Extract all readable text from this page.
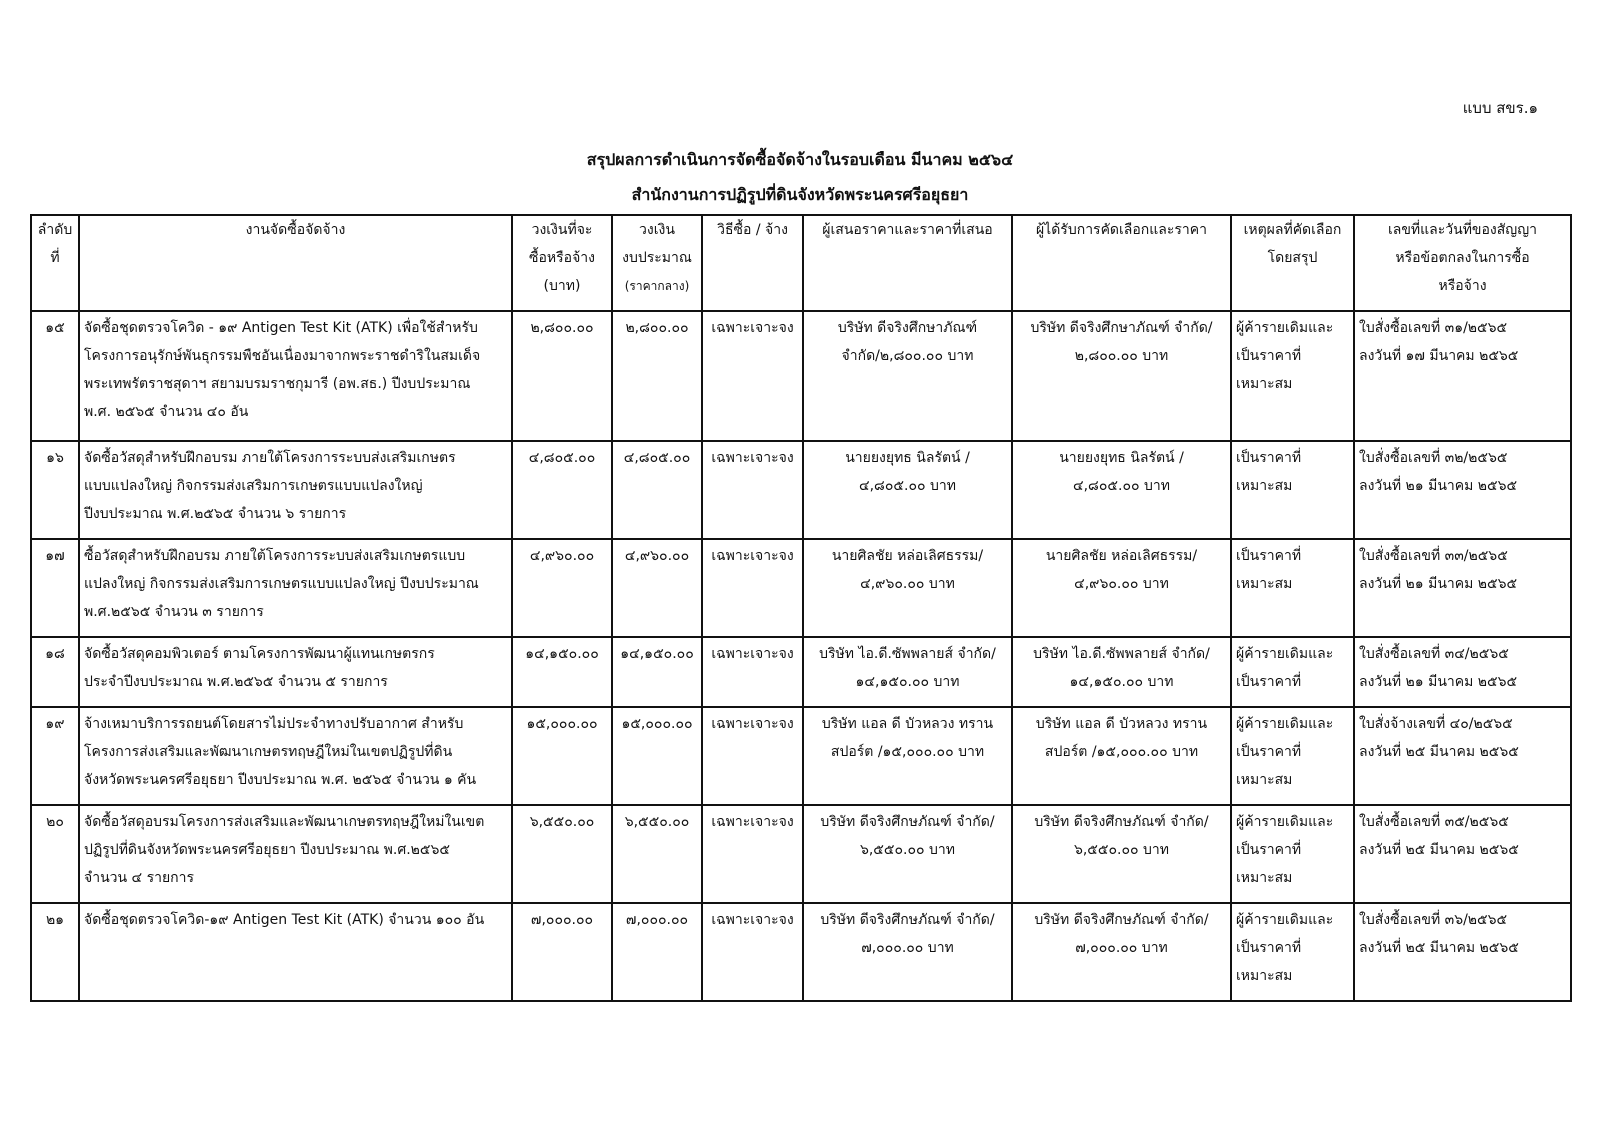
แบบ สขร.๑
สรุปผลการดำเนินการจัดซื้อจัดจ้างในรอบเดือน มีนาคม ๒๕๖๔
สำนักงานการปฏิรูปที่ดินจังหวัดพระนครศรีอยุธยา
ลำดับ
ที่	งานจัดซื้อจัดจ้าง	วงเงินที่จะ
ซื้อหรือจ้าง
(บาท)	วงเงิน
งบประมาณ
(ราคากลาง)	วิธีซื้อ / จ้าง	ผู้เสนอราคาและราคาที่เสนอ	ผู้ได้รับการคัดเลือกและราคา	เหตุผลที่คัดเลือก
โดยสรุป	เลขที่และวันที่ของสัญญา
หรือข้อตกลงในการซื้อ
หรือจ้าง

๑๕	จัดซื้อชุดตรวจโควิด - ๑๙ Antigen Test Kit (ATK) เพื่อใช้สำหรับ
โครงการอนุรักษ์พันธุกรรมพืชอันเนื่องมาจากพระราชดำริในสมเด็จ
พระเทพรัตราชสุดาฯ สยามบรมราชกุมารี (อพ.สธ.) ปีงบประมาณ
พ.ศ. ๒๕๖๕ จำนวน ๔๐ อัน	๒,๘๐๐.๐๐	๒,๘๐๐.๐๐	เฉพาะเจาะจง	บริษัท ดีจริงศึกษาภัณฑ์
จำกัด/๒,๘๐๐.๐๐ บาท	บริษัท ดีจริงศึกษาภัณฑ์ จำกัด/
๒,๘๐๐.๐๐ บาท	ผู้ค้ารายเดิมและ
เป็นราคาที่
เหมาะสม	ใบสั่งซื้อเลขที่ ๓๑/๒๕๖๕
ลงวันที่ ๑๗ มีนาคม ๒๕๖๕

๑๖	จัดซื้อวัสดุสำหรับฝึกอบรม ภายใต้โครงการระบบส่งเสริมเกษตร
แบบแปลงใหญ่ กิจกรรมส่งเสริมการเกษตรแบบแปลงใหญ่
ปีงบประมาณ พ.ศ.๒๕๖๕ จำนวน ๖ รายการ	๔,๘๐๕.๐๐	๔,๘๐๕.๐๐	เฉพาะเจาะจง	นายยงยุทธ นิลรัตน์ /
๔,๘๐๕.๐๐ บาท	นายยงยุทธ นิลรัตน์ /
๔,๘๐๕.๐๐ บาท	เป็นราคาที่
เหมาะสม	ใบสั่งซื้อเลขที่ ๓๒/๒๕๖๕
ลงวันที่ ๒๑ มีนาคม ๒๕๖๕

๑๗	ซื้อวัสดุสำหรับฝึกอบรม ภายใต้โครงการระบบส่งเสริมเกษตรแบบ
แปลงใหญ่ กิจกรรมส่งเสริมการเกษตรแบบแปลงใหญ่ ปีงบประมาณ
พ.ศ.๒๕๖๕ จำนวน ๓ รายการ	๔,๙๖๐.๐๐	๔,๙๖๐.๐๐	เฉพาะเจาะจง	นายศิลชัย หล่อเลิศธรรม/
๔,๙๖๐.๐๐ บาท	นายศิลชัย หล่อเลิศธรรม/
๔,๙๖๐.๐๐ บาท	เป็นราคาที่
เหมาะสม	ใบสั่งซื้อเลขที่ ๓๓/๒๕๖๕
ลงวันที่ ๒๑ มีนาคม ๒๕๖๕

๑๘	จัดซื้อวัสดุคอมพิวเตอร์ ตามโครงการพัฒนาผู้แทนเกษตรกร
ประจำปีงบประมาณ พ.ศ.๒๕๖๕ จำนวน ๕ รายการ	๑๔,๑๕๐.๐๐	๑๔,๑๕๐.๐๐	เฉพาะเจาะจง	บริษัท ไอ.ดี.ซัพพลายส์ จำกัด/
๑๔,๑๕๐.๐๐ บาท	บริษัท ไอ.ดี.ซัพพลายส์ จำกัด/
๑๔,๑๕๐.๐๐ บาท	ผู้ค้ารายเดิมและ
เป็นราคาที่	ใบสั่งซื้อเลขที่ ๓๔/๒๕๖๕
ลงวันที่ ๒๑ มีนาคม ๒๕๖๕

๑๙	จ้างเหมาบริการรถยนต์โดยสารไม่ประจำทางปรับอากาศ สำหรับ
โครงการส่งเสริมและพัฒนาเกษตรทฤษฎีใหม่ในเขตปฏิรูปที่ดิน
จังหวัดพระนครศรีอยุธยา ปีงบประมาณ พ.ศ. ๒๕๖๕ จำนวน ๑ คัน	๑๕,๐๐๐.๐๐	๑๕,๐๐๐.๐๐	เฉพาะเจาะจง	บริษัท แอล ดี บัวหลวง ทราน
สปอร์ต /๑๕,๐๐๐.๐๐ บาท	บริษัท แอล ดี บัวหลวง ทราน
สปอร์ต /๑๕,๐๐๐.๐๐ บาท	ผู้ค้ารายเดิมและ
เป็นราคาที่
เหมาะสม	ใบสั่งจ้างเลขที่ ๔๐/๒๕๖๕
ลงวันที่ ๒๕ มีนาคม ๒๕๖๕

๒๐	จัดซื้อวัสดุอบรมโครงการส่งเสริมและพัฒนาเกษตรทฤษฎีใหม่ในเขต
ปฏิรูปที่ดินจังหวัดพระนครศรีอยุธยา ปีงบประมาณ พ.ศ.๒๕๖๕
จำนวน ๔ รายการ	๖,๕๕๐.๐๐	๖,๕๕๐.๐๐	เฉพาะเจาะจง	บริษัท ดีจริงศึกษภัณฑ์ จำกัด/
๖,๕๕๐.๐๐ บาท	บริษัท ดีจริงศึกษภัณฑ์ จำกัด/
๖,๕๕๐.๐๐ บาท	ผู้ค้ารายเดิมและ
เป็นราคาที่
เหมาะสม	ใบสั่งซื้อเลขที่ ๓๕/๒๕๖๕
ลงวันที่ ๒๕ มีนาคม ๒๕๖๕

๒๑	จัดซื้อชุดตรวจโควิด-๑๙ Antigen Test Kit (ATK) จำนวน ๑๐๐ อัน	๗,๐๐๐.๐๐	๗,๐๐๐.๐๐	เฉพาะเจาะจง	บริษัท ดีจริงศึกษภัณฑ์ จำกัด/
๗,๐๐๐.๐๐ บาท	บริษัท ดีจริงศึกษภัณฑ์ จำกัด/
๗,๐๐๐.๐๐ บาท	ผู้ค้ารายเดิมและ
เป็นราคาที่
เหมาะสม	ใบสั่งซื้อเลขที่ ๓๖/๒๕๖๕
ลงวันที่ ๒๕ มีนาคม ๒๕๖๕
